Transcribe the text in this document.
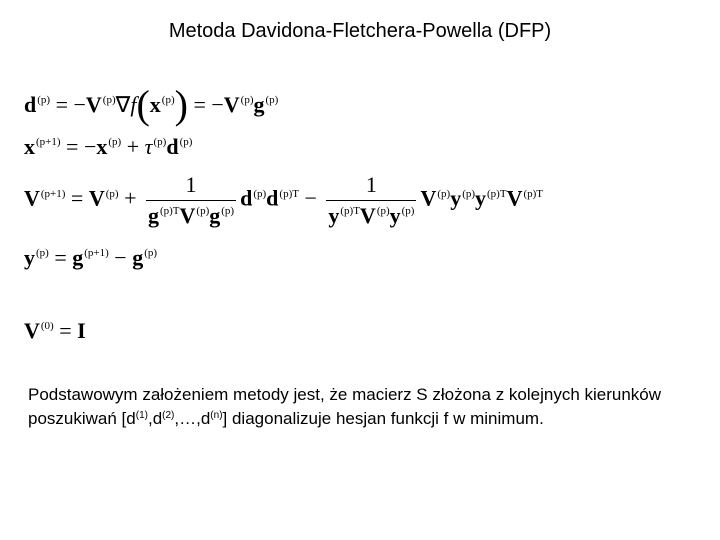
Metoda Davidona-Fletchera-Powella (DFP)
$d^{(p)} = -V^{(p)}\nabla f(x^{(p)}) = -V^{(p)}g^{(p)}$
$x^{(p+1)} = -x^{(p)} + \tau^{(p)}d^{(p)}$
$V^{(p+1)} = V^{(p)} + \frac{1}{g^{(p)T}V^{(p)}g^{(p)}} d^{(p)}d^{(p)T} - \frac{1}{y^{(p)T}V^{(p)}y^{(p)}} V^{(p)}y^{(p)}y^{(p)T}V^{(p)T}$
$y^{(p)} = g^{(p+1)} - g^{(p)}$
$V^{(0)} = I$
Podstawowym założeniem metody jest, że macierz S złożona z kolejnych kierunków poszukiwań $[d^{(1)},d^{(2)},\dots,d^{(n)}]$ diagonalizuje hesjan funkcji f w minimum.
